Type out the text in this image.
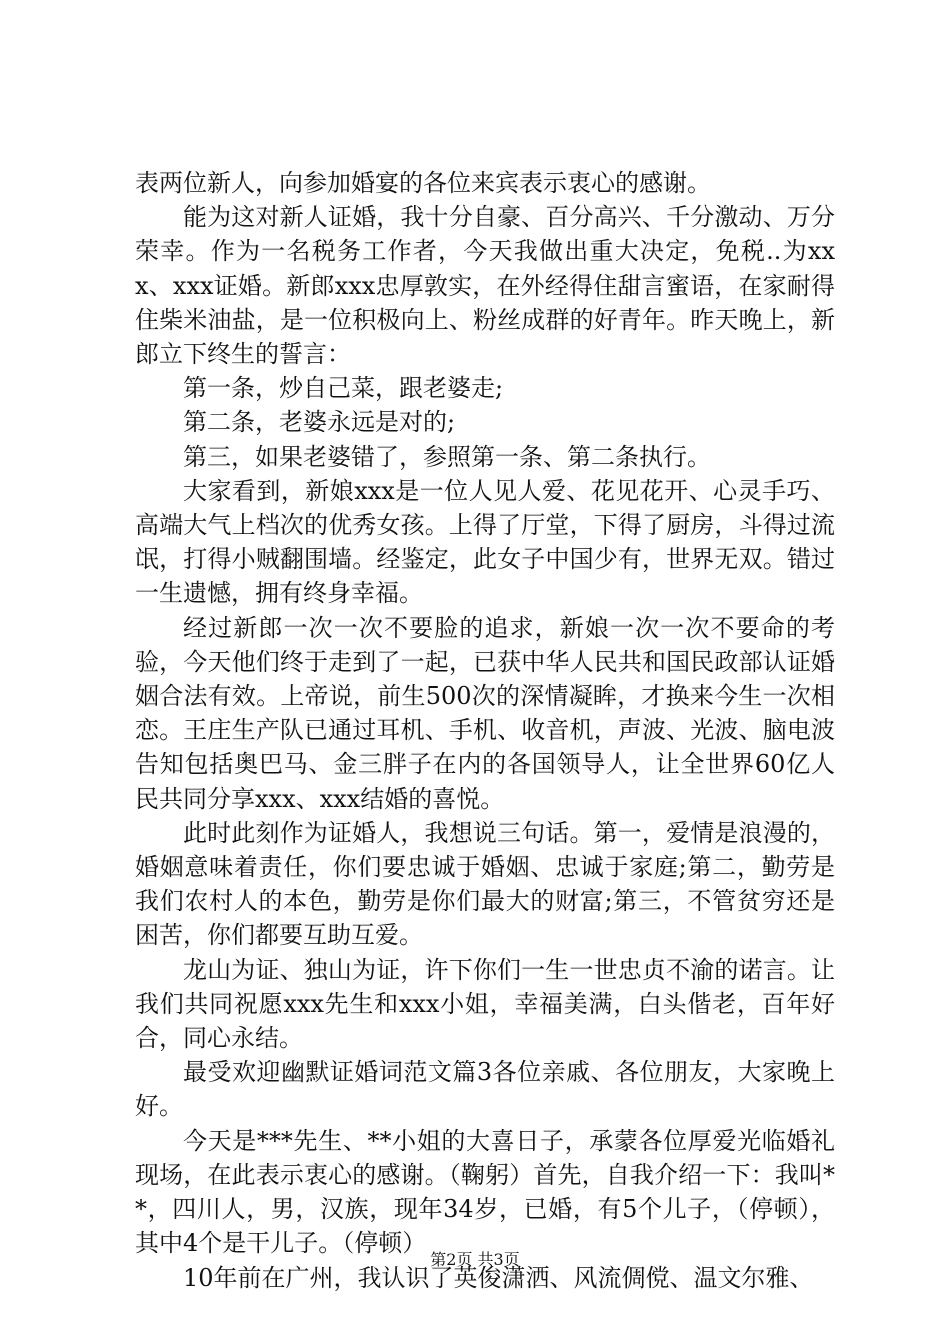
表两位新人，向参加婚宴的各位来宾表示衷心的感谢。

能为这对新人证婚，我十分自豪、百分高兴、千分激动、万分荣幸。作为一名税务工作者，今天我做出重大决定，免税..为xxx、xxx证婚。新郎xxx忠厚敦实，在外经得住甜言蜜语，在家耐得住柴米油盐，是一位积极向上、粉丝成群的好青年。昨天晚上，新郎立下终生的誓言：

第一条，炒自己菜，跟老婆走;

第二条，老婆永远是对的;

第三，如果老婆错了，参照第一条、第二条执行。

大家看到，新娘xxx是一位人见人爱、花见花开、心灵手巧、高端大气上档次的优秀女孩。上得了厅堂，下得了厨房，斗得过流氓，打得小贼翻围墙。经鉴定，此女子中国少有，世界无双。错过一生遗憾，拥有终身幸福。

经过新郎一次一次不要脸的追求，新娘一次一次不要命的考验，今天他们终于走到了一起，已获中华人民共和国民政部认证婚姻合法有效。上帝说，前生500次的深情凝眸，才换来今生一次相恋。王庄生产队已通过耳机、手机、收音机，声波、光波、脑电波告知包括奥巴马、金三胖子在内的各国领导人，让全世界60亿人民共同分享xxx、xxx结婚的喜悦。

此时此刻作为证婚人，我想说三句话。第一，爱情是浪漫的，婚姻意味着责任，你们要忠诚于婚姻、忠诚于家庭;第二，勤劳是我们农村人的本色，勤劳是你们最大的财富;第三，不管贫穷还是困苦，你们都要互助互爱。

龙山为证、独山为证，许下你们一生一世忠贞不渝的诺言。让我们共同祝愿xxx先生和xxx小姐，幸福美满，白头偕老，百年好合，同心永结。

最受欢迎幽默证婚词范文篇3各位亲戚、各位朋友，大家晚上好。

今天是***先生、**小姐的大喜日子，承蒙各位厚爱光临婚礼现场，在此表示衷心的感谢。（鞠躬）首先，自我介绍一下：我叫**，四川人，男，汉族，现年34岁，已婚，有5个儿子，（停顿），其中4个是干儿子。（停顿）

10年前在广州，我认识了英俊潇洒、风流倜傥、温文尔雅、

第2页 共3页
